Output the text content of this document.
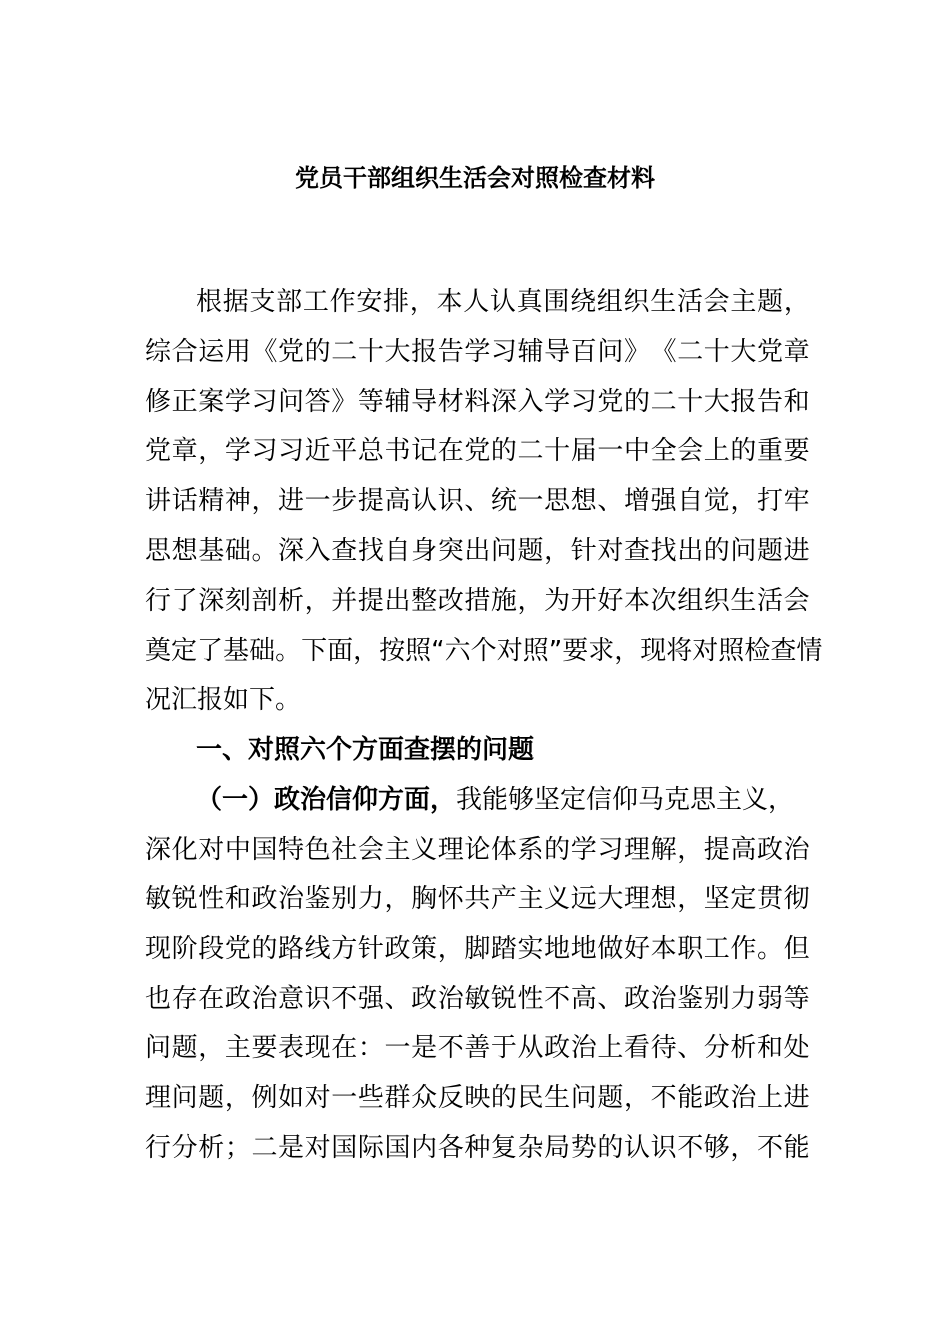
党员干部组织生活会对照检查材料
根 据 支 部 工 作 安 排 ， 本 人 认 真 围 绕 组 织 生 活 会 主 题 ，
综 合 运 用 《 党 的 二 十 大 报 告 学 习 辅 导 百 问 》 《 二 十 大 党 章
修 正 案 学 习 问 答 》 等 辅 导 材 料 深 入 学 习 党 的 二 十 大 报 告 和
党 章 ， 学 习 习 近 平 总 书 记 在 党 的 二 十 届 一 中 全 会 上 的 重 要
讲 话 精 神 ， 进 一 步 提 高 认 识 、 统 一 思 想 、 增 强 自 觉 ， 打 牢
思 想 基 础 。 深 入 查 找 自 身 突 出 问 题 ， 针 对 查 找 出 的 问 题 进
行 了 深 刻 剖 析 ， 并 提 出 整 改 措 施 ， 为 开 好 本 次 组 织 生 活 会
奠 定 了 基 础 。 下 面 ， 按 照 “ 六 个 对 照 ” 要 求 ， 现 将 对 照 检 查 情
况汇报如下。
一、对照六个方面查摆的问题
（一）政治信仰方面， 我能够坚定信仰马克思主义，
深 化 对 中 国 特 色 社 会 主 义 理 论 体 系 的 学 习 理 解 ， 提 高 政 治
敏 锐 性 和 政 治 鉴 别 力 ， 胸 怀 共 产 主 义 远 大 理 想 ， 坚 定 贯 彻
现 阶 段 党 的 路 线 方 针 政 策 ， 脚 踏 实 地 地 做 好 本 职 工 作 。 但
也 存 在 政 治 意 识 不 强 、 政 治 敏 锐 性 不 高 、 政 治 鉴 别 力 弱 等
问 题 ， 主 要 表 现 在 ： 一 是 不 善 于 从 政 治 上 看 待 、 分 析 和 处
理 问 题 ， 例 如 对 一 些 群 众 反 映 的 民 生 问 题 ， 不 能 政 治 上 进
行 分 析 ； 二 是 对 国 际 国 内 各 种 复 杂 局 势 的 认 识 不 够 ， 不 能
